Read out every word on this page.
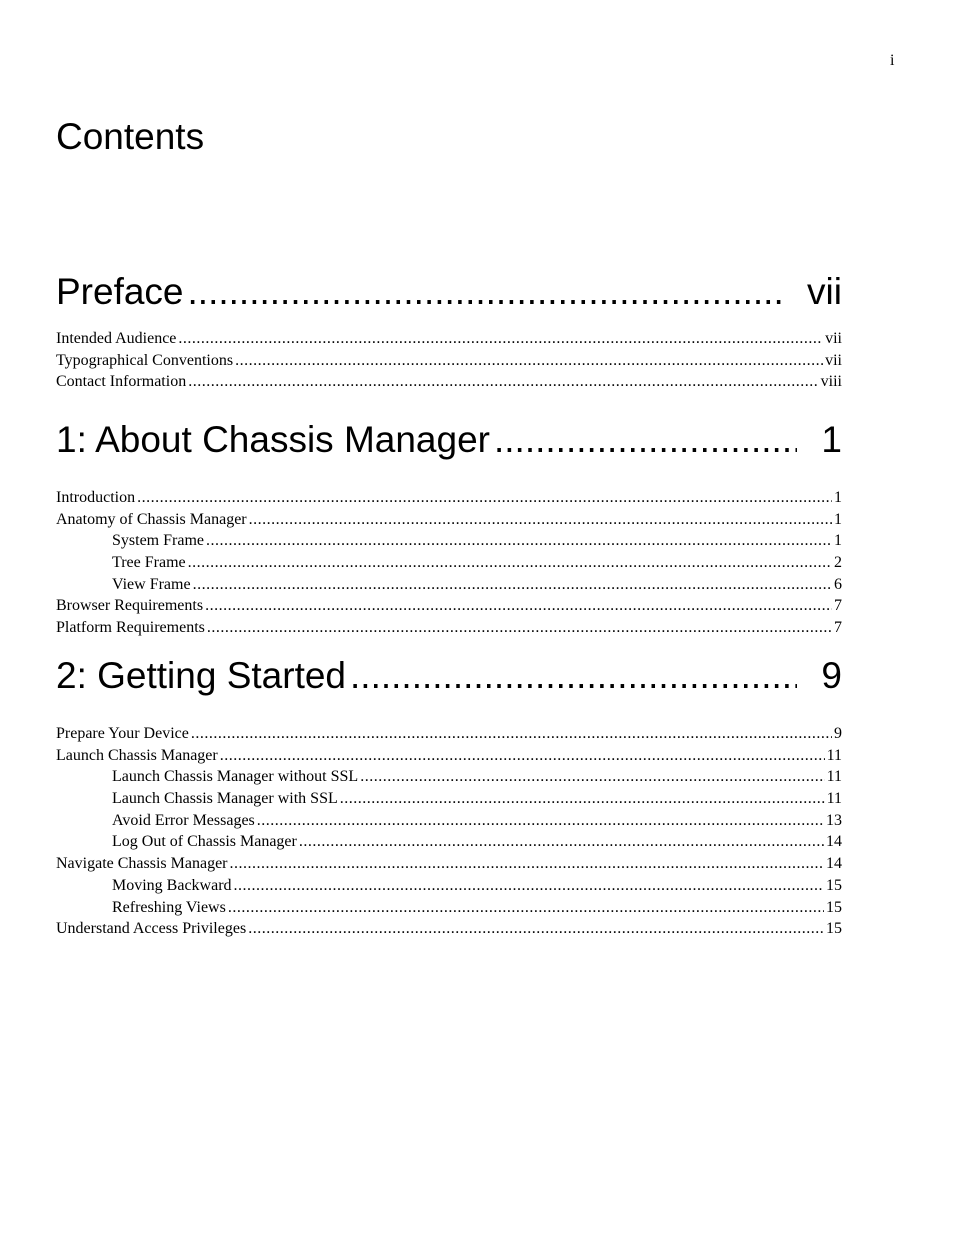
i
Contents
Preface .....	vii
Intended Audience .....	vii
Typographical Conventions .....	vii
Contact Information .....	viii
1: About Chassis Manager .....	1
Introduction .....	1
Anatomy of Chassis Manager .....	1
System Frame .....	1
Tree Frame .....	2
View Frame .....	6
Browser Requirements .....	7
Platform Requirements .....	7
2: Getting Started .....	9
Prepare Your Device .....	9
Launch Chassis Manager .....	11
Launch Chassis Manager without SSL .....	11
Launch Chassis Manager with SSL .....	11
Avoid Error Messages .....	13
Log Out of Chassis Manager .....	14
Navigate Chassis Manager .....	14
Moving Backward .....	15
Refreshing Views .....	15
Understand Access Privileges .....	15
